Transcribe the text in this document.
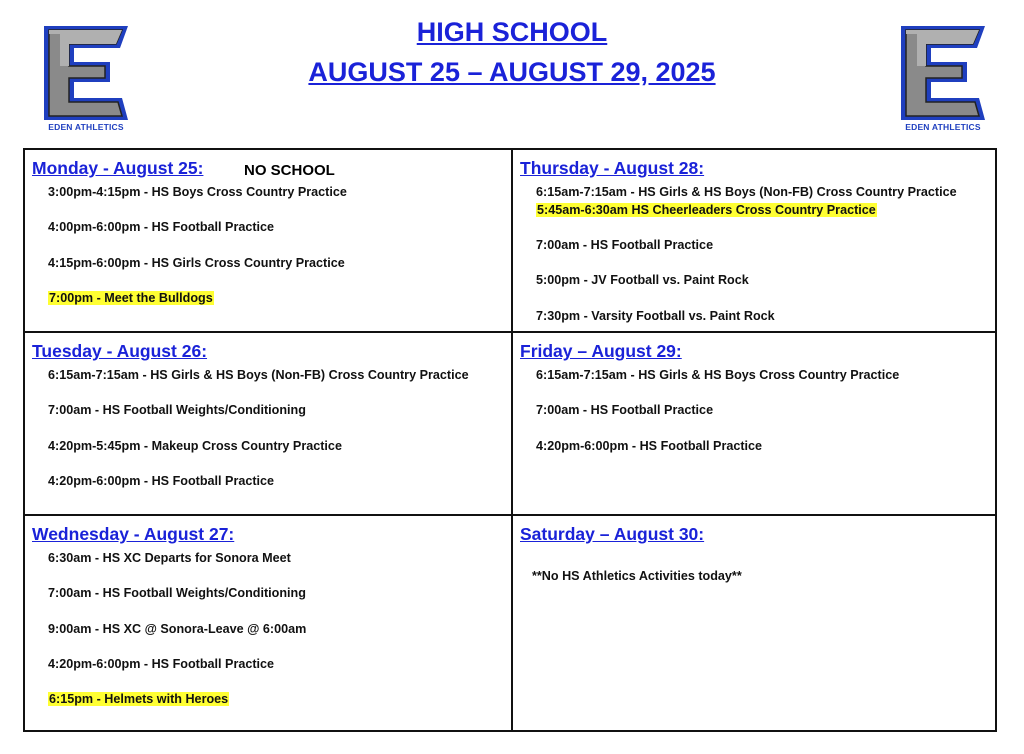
EDEN ATHLETICS	EDEN ATHLETICS
HIGH SCHOOL
AUGUST 25 – AUGUST 29, 2025
Monday - August 25:	NO SCHOOL
3:00pm-4:15pm - HS Boys Cross Country Practice
4:00pm-6:00pm - HS Football Practice
4:15pm-6:00pm - HS Girls Cross Country Practice
7:00pm - Meet the Bulldogs
Thursday - August 28:
6:15am-7:15am - HS Girls & HS Boys (Non-FB) Cross Country Practice
5:45am-6:30am HS Cheerleaders Cross Country Practice
7:00am - HS Football Practice
5:00pm - JV Football vs. Paint Rock
7:30pm - Varsity Football vs. Paint Rock
Tuesday - August 26:
6:15am-7:15am - HS Girls & HS Boys (Non-FB) Cross Country Practice
7:00am - HS Football Weights/Conditioning
4:20pm-5:45pm - Makeup Cross Country Practice
4:20pm-6:00pm - HS Football Practice
Friday – August 29:
6:15am-7:15am - HS Girls & HS Boys Cross Country Practice
7:00am - HS Football Practice
4:20pm-6:00pm - HS Football Practice
Wednesday - August 27:
6:30am - HS XC Departs for Sonora Meet
7:00am - HS Football Weights/Conditioning
9:00am - HS XC @ Sonora-Leave @ 6:00am
4:20pm-6:00pm - HS Football Practice
6:15pm - Helmets with Heroes
Saturday – August 30:
**No HS Athletics Activities today**
